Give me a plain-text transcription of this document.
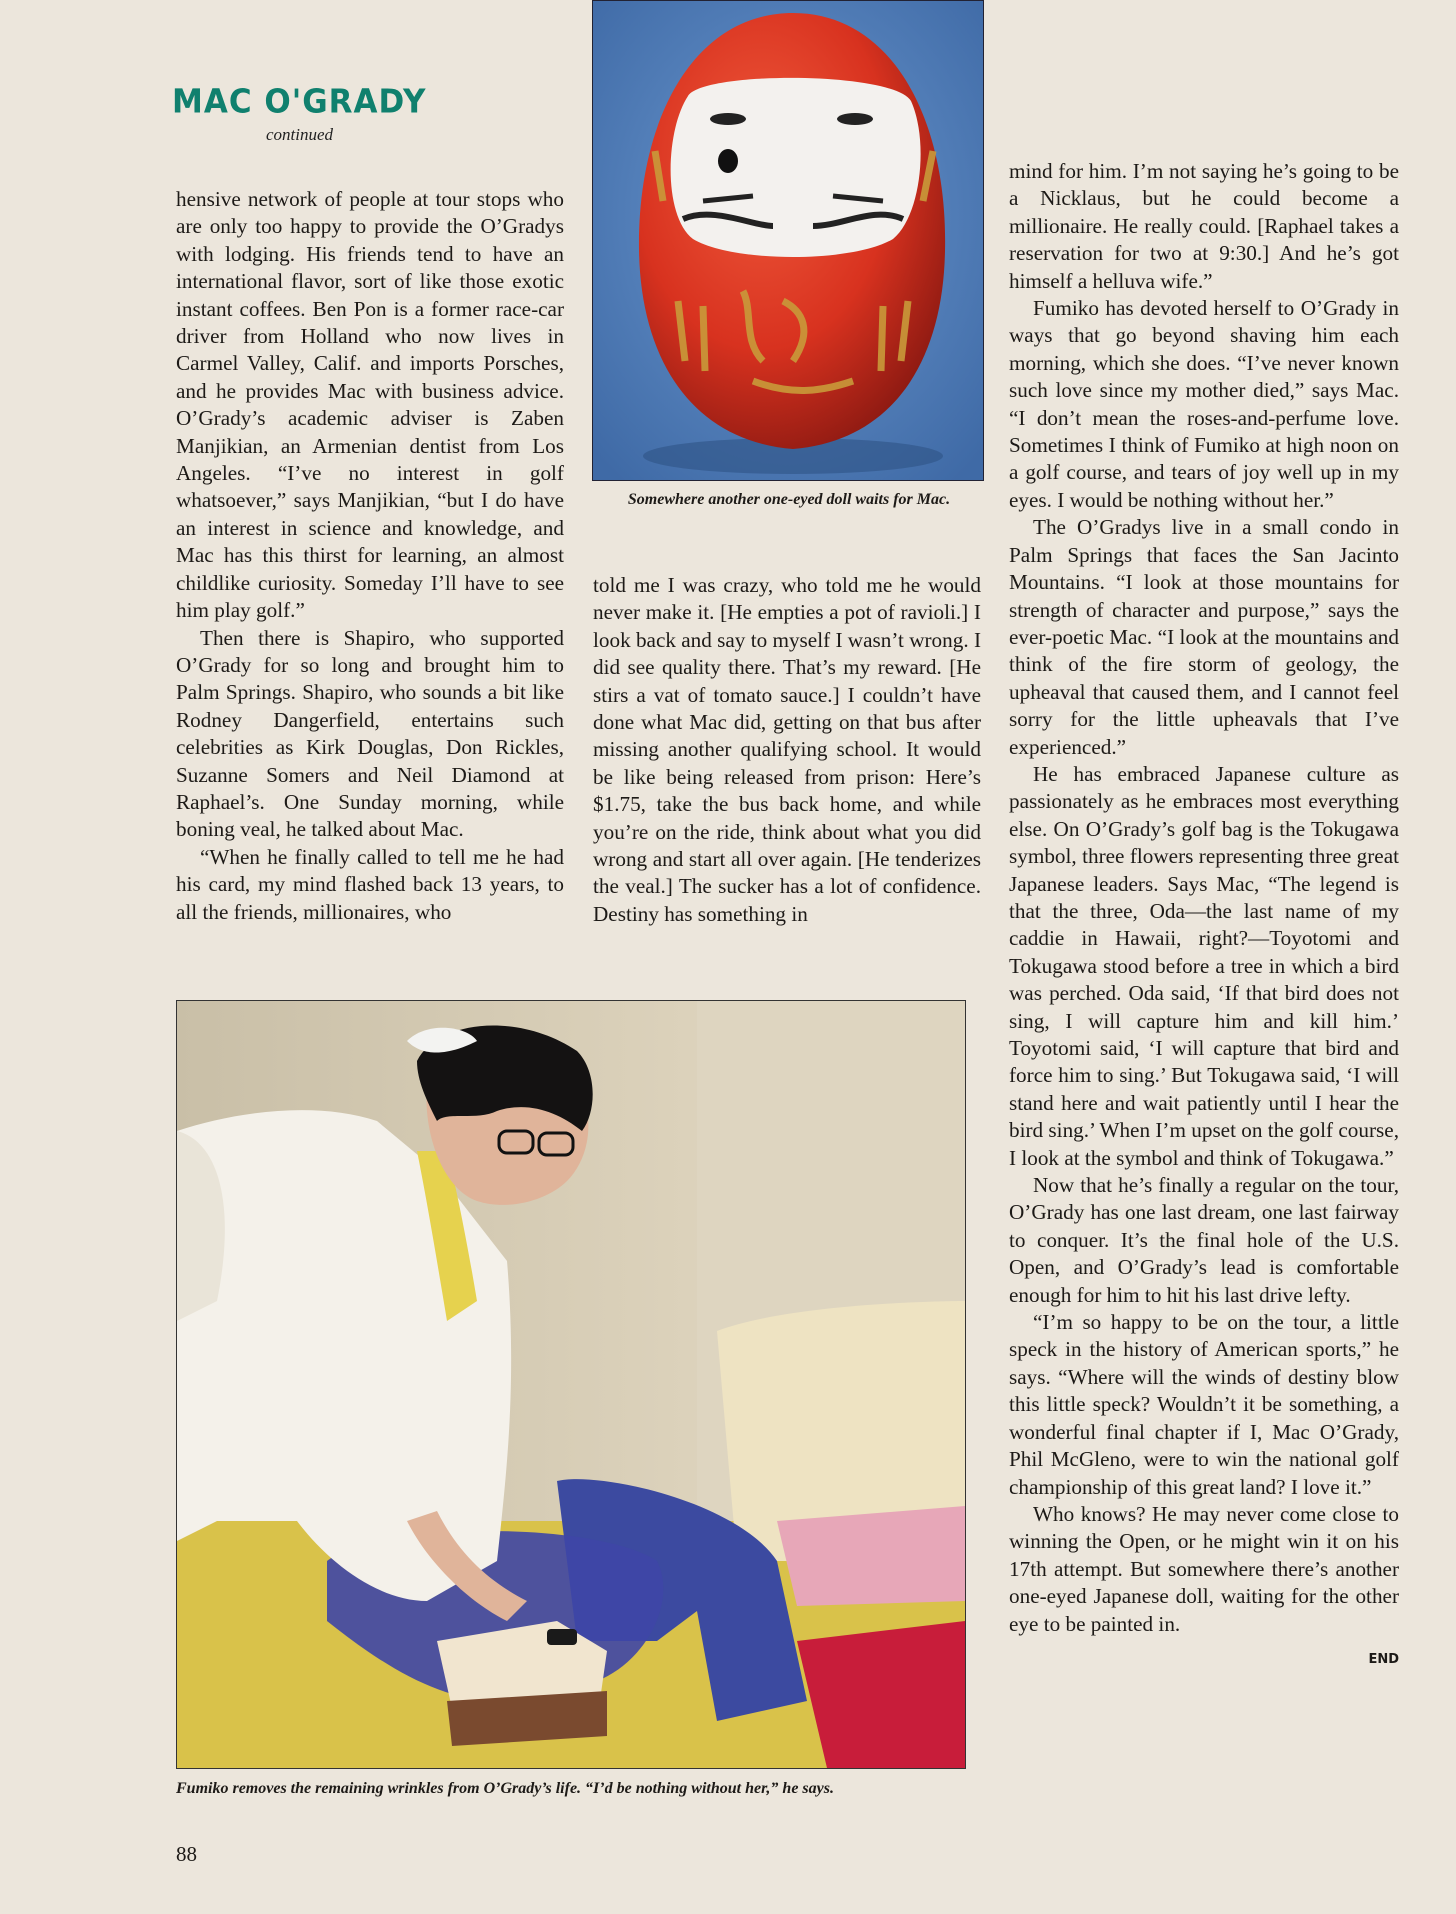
MAC O'GRADY
continued

hensive network of people at tour stops who are only too happy to provide the O’Gradys with lodging. His friends tend to have an international flavor, sort of like those exotic instant coffees. Ben Pon is a former race-car driver from Holland who now lives in Carmel Valley, Calif. and imports Porsches, and he provides Mac with business advice. O’Grady’s academic adviser is Zaben Manjikian, an Armenian dentist from Los Angeles. “I’ve no interest in golf whatsoever,” says Manjikian, “but I do have an interest in science and knowledge, and Mac has this thirst for learning, an almost childlike curiosity. Someday I’ll have to see him play golf.”

Then there is Shapiro, who supported O’Grady for so long and brought him to Palm Springs. Shapiro, who sounds a bit like Rodney Dangerfield, entertains such celebrities as Kirk Douglas, Don Rickles, Suzanne Somers and Neil Diamond at Raphael’s. One Sunday morning, while boning veal, he talked about Mac.

“When he finally called to tell me he had his card, my mind flashed back 13 years, to all the friends, millionaires, who

Somewhere another one-eyed doll waits for Mac.

told me I was crazy, who told me he would never make it. [He empties a pot of ravioli.] I look back and say to myself I wasn’t wrong. I did see quality there. That’s my reward. [He stirs a vat of tomato sauce.] I couldn’t have done what Mac did, getting on that bus after missing another qualifying school. It would be like being released from prison: Here’s $1.75, take the bus back home, and while you’re on the ride, think about what you did wrong and start all over again. [He tenderizes the veal.] The sucker has a lot of confidence. Destiny has something in

mind for him. I’m not saying he’s going to be a Nicklaus, but he could become a millionaire. He really could. [Raphael takes a reservation for two at 9:30.] And he’s got himself a helluva wife.”

Fumiko has devoted herself to O’Grady in ways that go beyond shaving him each morning, which she does. “I’ve never known such love since my mother died,” says Mac. “I don’t mean the roses-and-perfume love. Sometimes I think of Fumiko at high noon on a golf course, and tears of joy well up in my eyes. I would be nothing without her.”

The O’Gradys live in a small condo in Palm Springs that faces the San Jacinto Mountains. “I look at those mountains for strength of character and purpose,” says the ever-poetic Mac. “I look at the mountains and think of the fire storm of geology, the upheaval that caused them, and I cannot feel sorry for the little upheavals that I’ve experienced.”

He has embraced Japanese culture as passionately as he embraces most everything else. On O’Grady’s golf bag is the Tokugawa symbol, three flowers representing three great Japanese leaders. Says Mac, “The legend is that the three, Oda—the last name of my caddie in Hawaii, right?—Toyotomi and Tokugawa stood before a tree in which a bird was perched. Oda said, ‘If that bird does not sing, I will capture him and kill him.’ Toyotomi said, ‘I will capture that bird and force him to sing.’ But Tokugawa said, ‘I will stand here and wait patiently until I hear the bird sing.’ When I’m upset on the golf course, I look at the symbol and think of Tokugawa.”

Now that he’s finally a regular on the tour, O’Grady has one last dream, one last fairway to conquer. It’s the final hole of the U.S. Open, and O’Grady’s lead is comfortable enough for him to hit his last drive lefty.

“I’m so happy to be on the tour, a little speck in the history of American sports,” he says. “Where will the winds of destiny blow this little speck? Wouldn’t it be something, a wonderful final chapter if I, Mac O’Grady, Phil McGleno, were to win the national golf championship of this great land? I love it.”

Who knows? He may never come close to winning the Open, or he might win it on his 17th attempt. But somewhere there’s another one-eyed Japanese doll, waiting for the other eye to be painted in.

END
Fumiko removes the remaining wrinkles from O’Grady’s life. “I’d be nothing without her,” he says.
88
